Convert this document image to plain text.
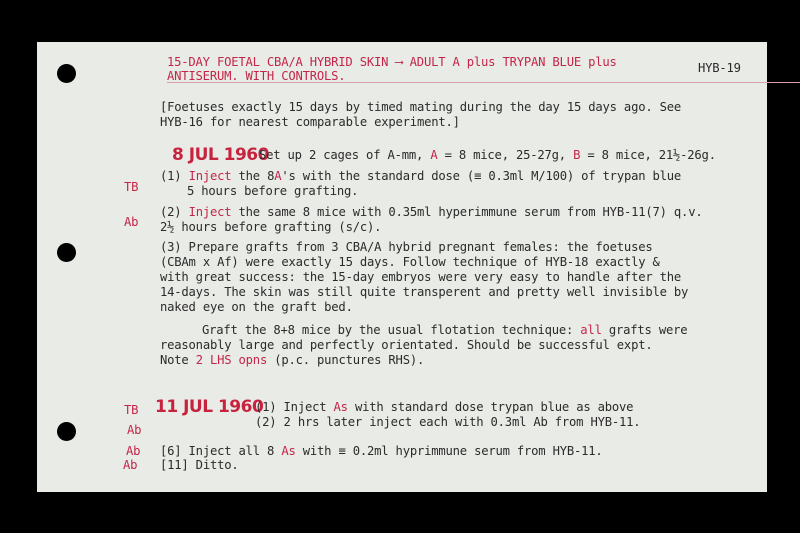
15-DAY FOETAL CBA/A HYBRID SKIN ⟶ ADULT A plus TRYPAN BLUE plus
ANTISERUM. WITH CONTROLS.
HYB-19
[Foetuses exactly 15 days by timed mating during the day 15 days ago. See
HYB-16 for nearest comparable experiment.]
8 JUL 1960
Set up 2 cages of A-mm, A = 8 mice, 25-27g, B = 8 mice, 21½-26g.
TB
(1) Inject the 8A's with the standard dose (≡ 0.3ml M/100) of trypan blue
5 hours before grafting.
Ab
(2) Inject the same 8 mice with 0.35ml hyperimmune serum from HYB-11(7) q.v.
2½ hours before grafting (s/c).
(3) Prepare grafts from 3 CBA/A hybrid pregnant females: the foetuses
(CBAm x Af) were exactly 15 days. Follow technique of HYB-18 exactly &
with great success: the 15-day embryos were very easy to handle after the
14-days. The skin was still quite transperent and pretty well invisible by
naked eye on the graft bed.
Graft the 8+8 mice by the usual flotation technique: all grafts were
reasonably large and perfectly orientated. Should be successful expt.
Note 2 LHS opns (p.c. punctures RHS).
TB
Ab
11 JUL 1960
(1) Inject As with standard dose trypan blue as above
(2) 2 hrs later inject each with 0.3ml Ab from HYB-11.
Ab
Ab
[6] Inject all 8 As with ≡ 0.2ml hyprimmune serum from HYB-11.
[11] Ditto.
